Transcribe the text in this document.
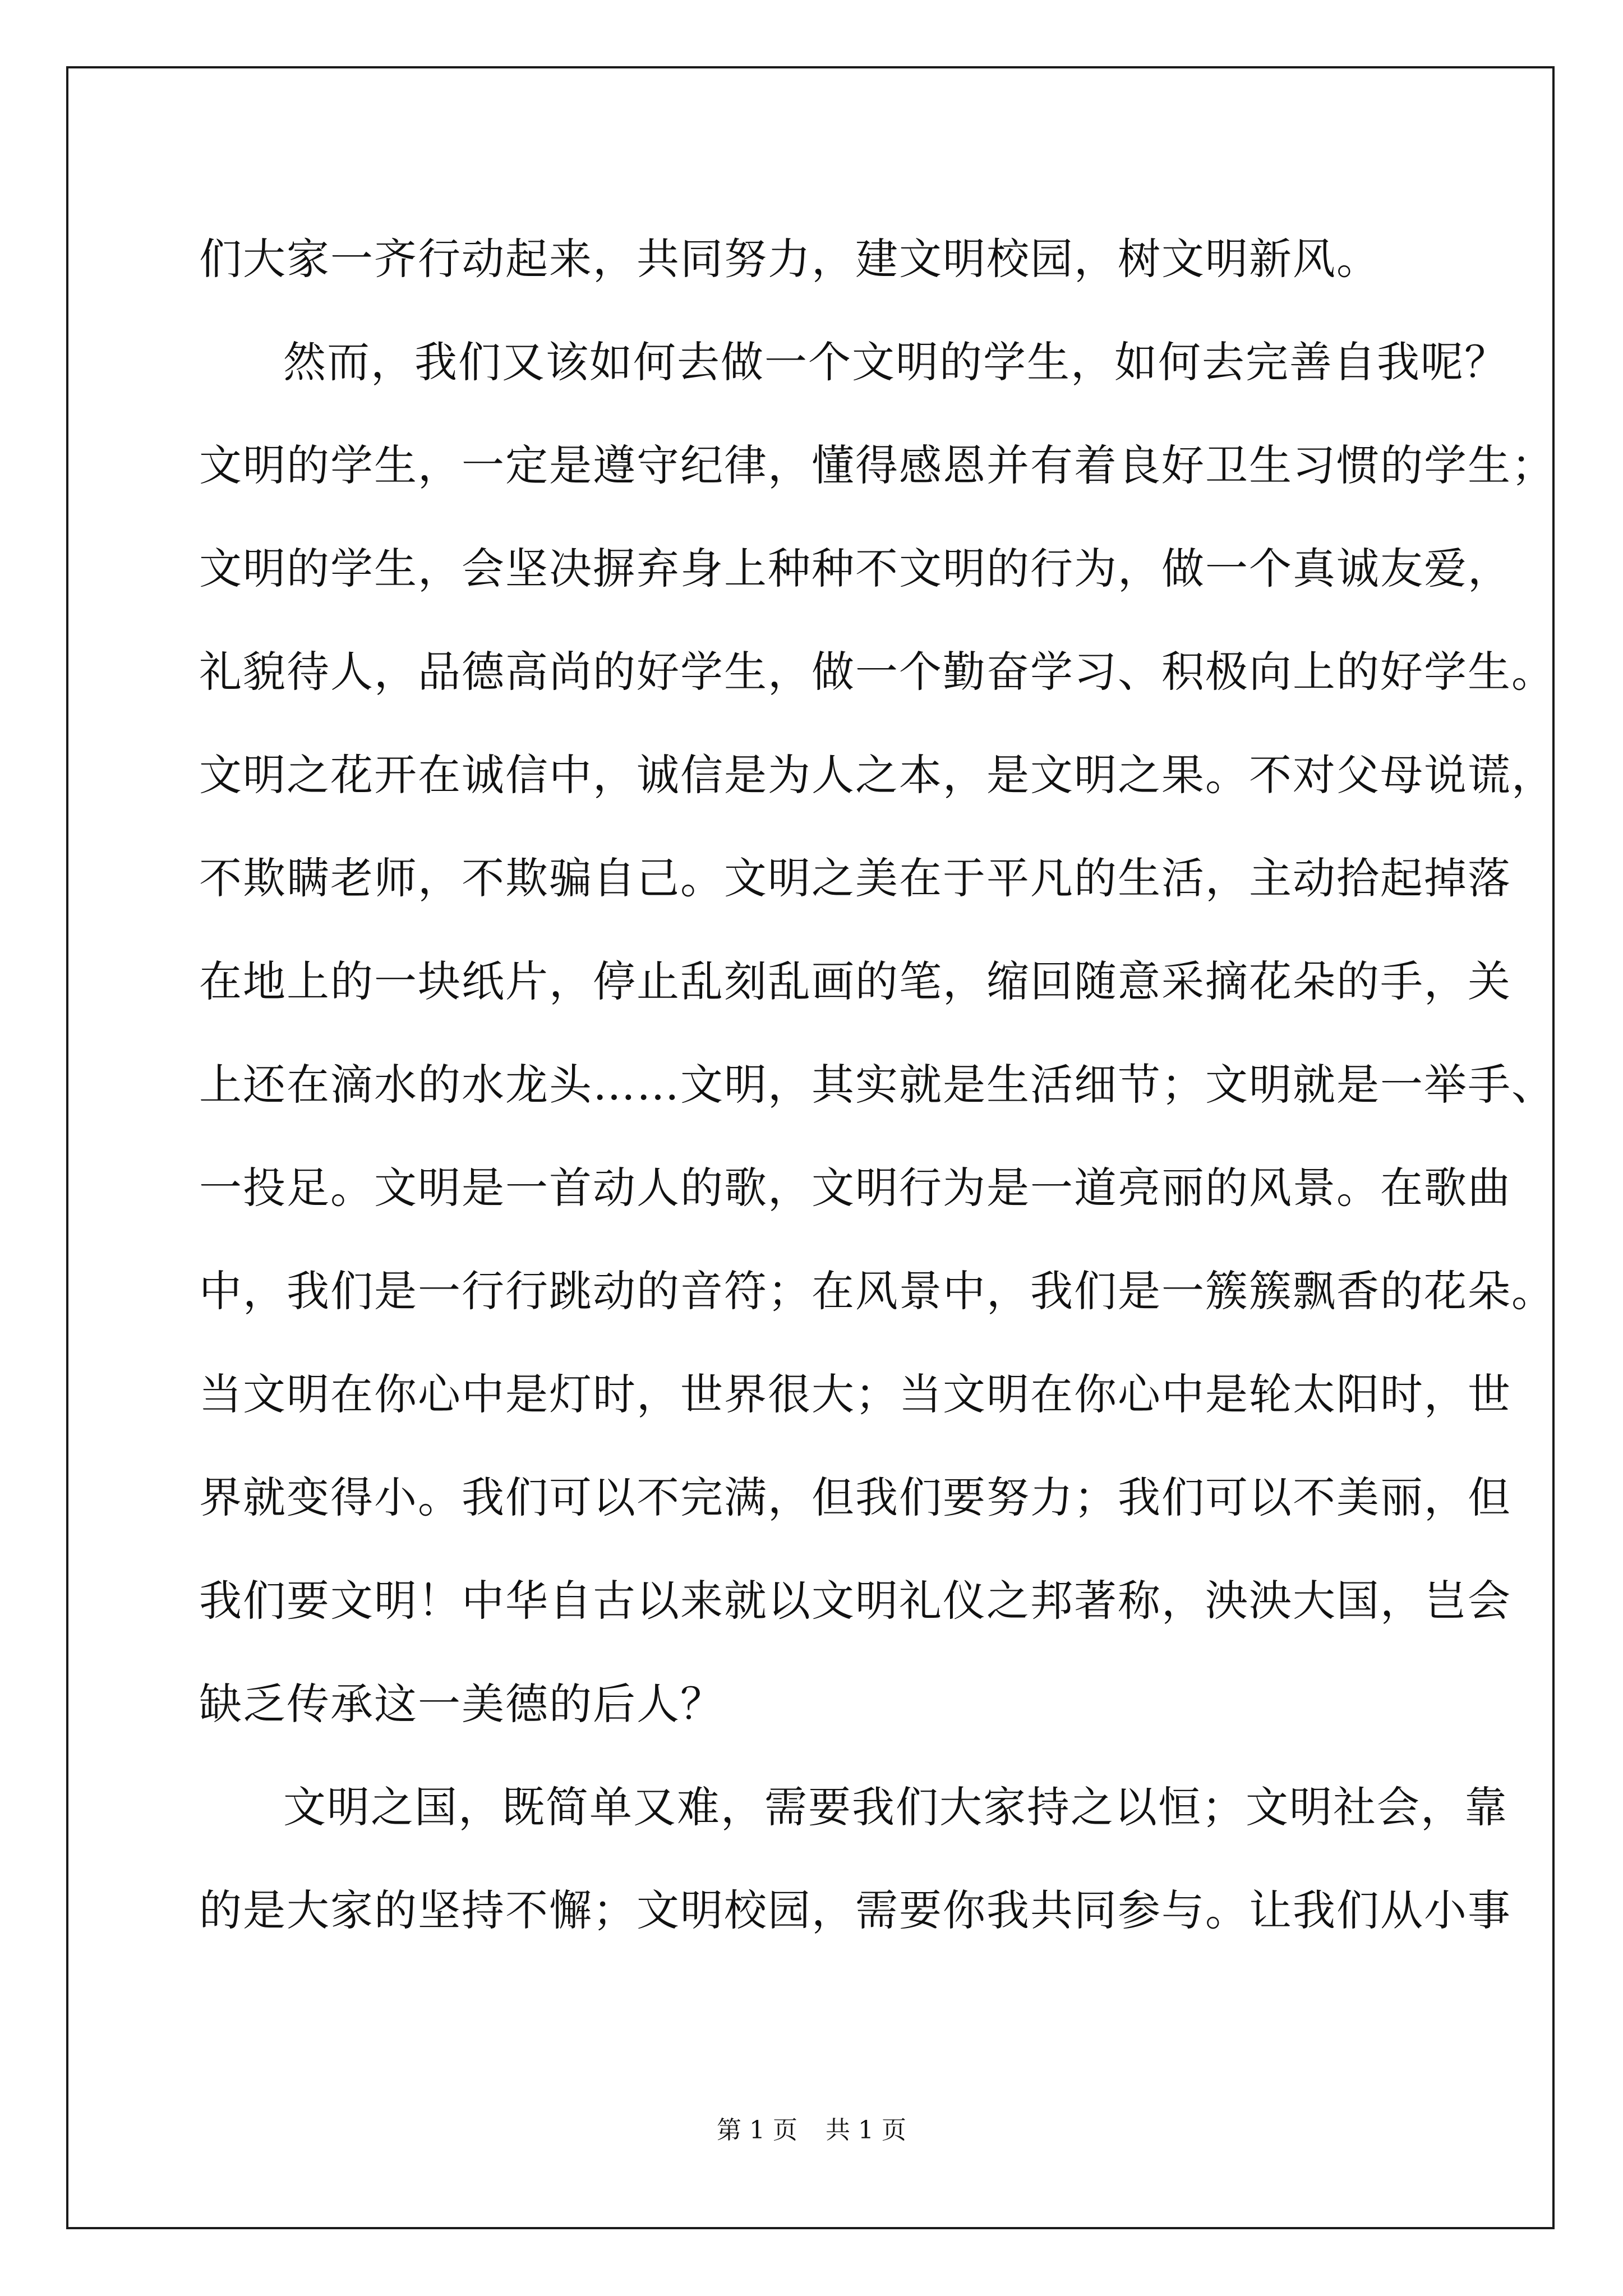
们大家一齐行动起来，共同努力，建文明校园，树文明新风。
然而，我们又该如何去做一个文明的学生，如何去完善自我呢？
文明的学生，一定是遵守纪律，懂得感恩并有着良好卫生习惯的学生；
文明的学生，会坚决摒弃身上种种不文明的行为，做一个真诚友爱，
礼貌待人，品德高尚的好学生，做一个勤奋学习、积极向上的好学生。
文明之花开在诚信中，诚信是为人之本，是文明之果。不对父母说谎，
不欺瞒老师，不欺骗自己。文明之美在于平凡的生活，主动拾起掉落
在地上的一块纸片，停止乱刻乱画的笔，缩回随意采摘花朵的手，关
上还在滴水的水龙头……文明，其实就是生活细节；文明就是一举手、
一投足。文明是一首动人的歌，文明行为是一道亮丽的风景。在歌曲
中，我们是一行行跳动的音符；在风景中，我们是一簇簇飘香的花朵。
当文明在你心中是灯时，世界很大；当文明在你心中是轮太阳时，世
界就变得小。我们可以不完满，但我们要努力；我们可以不美丽，但
我们要文明！中华自古以来就以文明礼仪之邦著称，泱泱大国，岂会
缺乏传承这一美德的后人？
文明之国，既简单又难，需要我们大家持之以恒；文明社会，靠
的是大家的坚持不懈；文明校园，需要你我共同参与。让我们从小事
第 1 页 共 1 页
